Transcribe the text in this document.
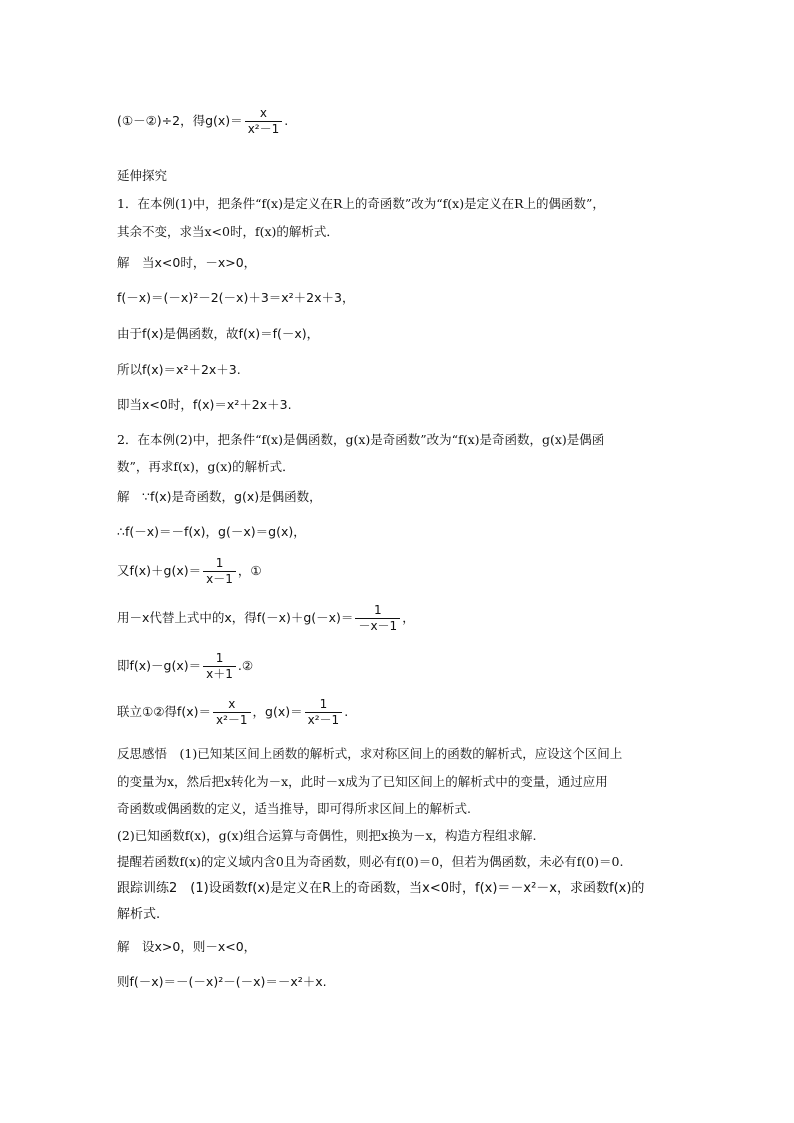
(①－②)÷2，得$g(x)= \frac{x}{\text{x²－1}}$ .
延伸探究
1．在本例(1)中，把条件“f(x)是定义在R上的奇函数”改为“f(x)是定义在R上的偶函数”，
其余不变，求当x<0时，f(x)的解析式．
解　当x<0时，－x>0，
f(－x)＝(－x)²－2(－x)＋3＝x²＋2x＋3，
由于f(x)是偶函数，故f(x)＝f(－x)，
所以f(x)＝x²＋2x＋3.
即当x<0时，f(x)＝x²＋2x＋3.
2．在本例(2)中，把条件“f(x)是偶函数，g(x)是奇函数”改为“f(x)是奇函数，g(x)是偶函
数”，再求f(x)，g(x)的解析式．
解　∵f(x)是奇函数，g(x)是偶函数，
∴f(－x)＝－f(x)，g(－x)＝g(x)，
又$f(x)+g(x)= \frac{1}{x-1}$ ，①
用－x代替上式中的x，得$f(-x)+g(-x)= \frac{1}{-x-1}$ ，
即$f(x)-g(x)= \frac{1}{x+1}$ .②
联立①②得$f(x)= \frac{x}{\text{x²－1}}$ ，$g(x)= \frac{1}{\text{x²－1}}$ .
反思感悟　(1)已知某区间上函数的解析式，求对称区间上的函数的解析式，应设这个区间上
的变量为x，然后把x转化为－x，此时－x成为了已知区间上的解析式中的变量，通过应用
奇函数或偶函数的定义，适当推导，即可得所求区间上的解析式.
(2)已知函数f(x)，g(x)组合运算与奇偶性，则把x换为－x，构造方程组求解.
提醒若函数f(x)的定义域内含0且为奇函数，则必有f(0)＝0，但若为偶函数，未必有f(0)＝0.
跟踪训练2　(1)设函数f(x)是定义在R上的奇函数，当x<0时，f(x)＝－x²－x，求函数f(x)的
解析式.
解　设x>0，则－x<0，
则f(－x)＝－(－x)²－(－x)＝－x²＋x.
